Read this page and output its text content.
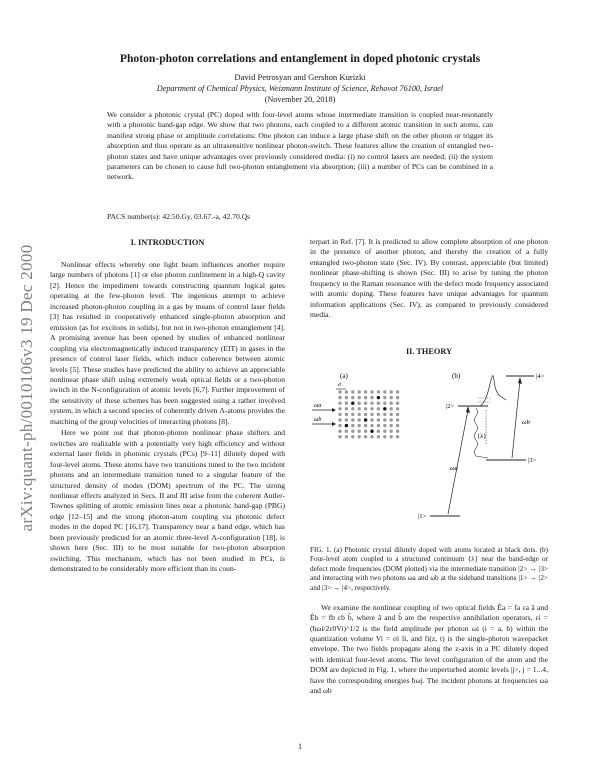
Photon-photon correlations and entanglement in doped photonic crystals
David Petrosyan and Gershon Kurizki
Department of Chemical Physics, Weizmann Institute of Science, Rehovot 76100, Israel
(November 20, 2018)
We consider a photonic crystal (PC) doped with four-level atoms whose intermediate transition is coupled near-resonantly with a photonic band-gap edge. We show that two photons, each coupled to a different atomic transition in such atoms, can manifest strong phase or amplitude correlations: One photon can induce a large phase shift on the other photon or trigger its absorption and thus operate as an ultrasensitive nonlinear photon-switch. These features allow the creation of entangled two-photon states and have unique advantages over previously considered media: (i) no control lasers are needed; (ii) the system parameters can be chosen to cause full two-photon entanglement via absorption; (iii) a number of PCs can be combined in a network.
PACS number(s): 42.50.Gy, 03.67.-a, 42.70.Qs
arXiv:quant-ph/0010106v3 19 Dec 2000
I. INTRODUCTION

Nonlinear effects whereby one light beam influences another require large numbers of photons [1] or else photon confinement in a high-Q cavity [2]. Hence the impediment towards constructing quantum logical gates operating at the few-photon level. The ingenious attempt to achieve increased photon-photon coupling in a gas by means of control laser fields [3] has resulted in cooperatively enhanced single-photon absorption and emission (as for excitons in solids), but not in two-photon entanglement [4]. A promising avenue has been opened by studies of enhanced nonlinear coupling via electromagnetically induced transparency (EIT) in gases in the presence of control laser fields, which induce coherence between atomic levels [5]. These studies have predicted the ability to achieve an appreciable nonlinear phase shift using extremely weak optical fields or a two-photon switch in the N-configuration of atomic levels [6,7]. Further improvement of the sensitivity of these schemes has been suggested using a rather involved system, in which a second species of coherently driven Λ-atoms provides the matching of the group velocities of interacting photons [8].

Here we point out that photon-photon nonlinear phase shifters and switches are realizable with a potentially very high efficiency and without external laser fields in photonic crystals (PCs) [9–11] dilutely doped with four-level atoms. These atoms have two transitions tuned to the two incident photons and an intermediate transition tuned to a singular feature of the structured density of modes (DOM) spectrum of the PC. The strong nonlinear effects analyzed in Secs. II and III arise from the coherent Autler-Townes splitting of atomic emission lines near a photonic band-gap (PBG) edge [12–15] and the strong photon-atom coupling via photonic defect modes in the doped PC [16,17]. Transparency near a band edge, which has been previously predicted for an atomic three-level Λ-configuration [18], is shown here (Sec. III) to be most suitable for two-photon absorption switching. This mechanism, which has not been studied in PCs, is demonstrated to be considerably more efficient than its coun-

terpart in Ref. [7]. It is predicted to allow complete absorption of one photon in the presence of another photon, and thereby the creation of a fully entangled two-photon state (Sec. IV). By contrast, appreciable (but limited) nonlinear phase-shifting is shown (Sec. III) to arise by tuning the photon frequency to the Raman resonance with the defect mode frequency associated with atomic doping. These features have unique advantages for quantum information applications (Sec. IV), as compared to previously considered media.

II. THEORY
(a)
d
ωa
ωb
(b)	|4>
|2>
{λ}
|3>
|1>
ωa
ωb
FIG. 1. (a) Photonic crystal dilutely doped with atoms located at black dots. (b) Four-level atom coupled to a structured continuum {λ} near the band-edge or defect mode frequencies (DOM plotted) via the intermediate transition |2> → |3> and interacting with two photons ωa and ωb at the sideband transitions |1> → |2> and |3> → |4>, respectively.

We examine the nonlinear coupling of two optical fields Êa = fa εa â and Êb = fb εb b̂, where â and b̂ are the respective annihilation operators, εi = (ħωi/2ε0Vi)^1/2 is the field amplitude per photon ωi (i = a, b) within the quantization volume Vi = σi li, and fi(z, t) is the single-photon wavepacket envelope. The two fields propagate along the z-axis in a PC dilutely doped with identical four-level atoms. The level configuration of the atom and the DOM are depicted in Fig. 1, where the unperturbed atomic levels |j>, j = 1...4, have the corresponding energies ħωj. The incident photons at frequencies ωa and ωb

1
